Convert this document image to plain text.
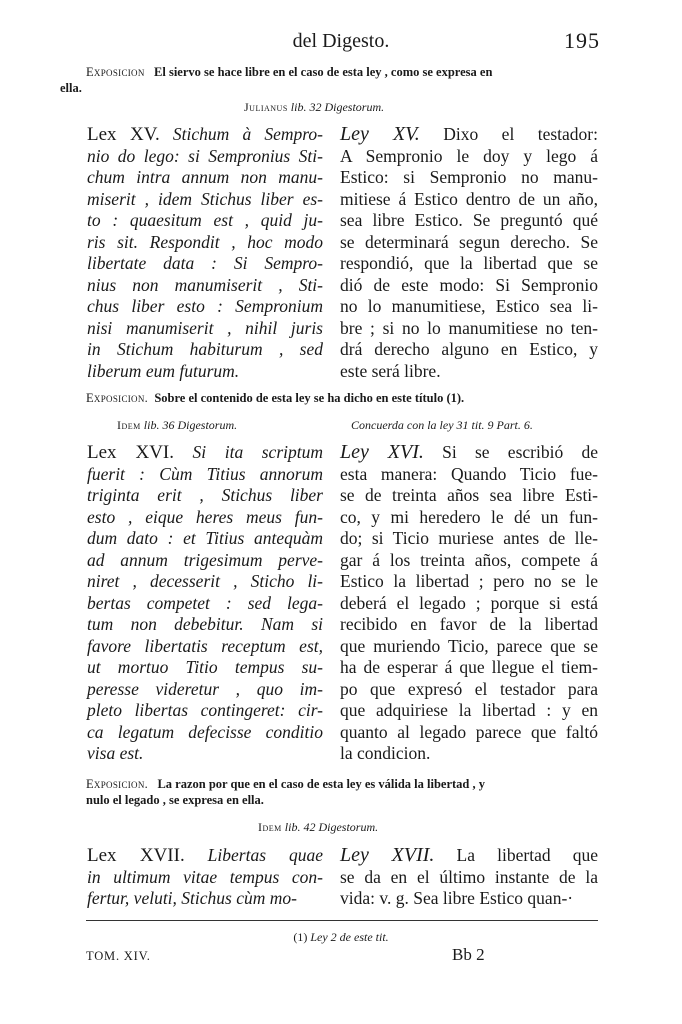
del Digesto.	195
Exposicion El siervo se hace libre en el caso de esta ley , como se expresa en
ella.
Julianus lib. 32 Digestorum.
Lex XV. Stichum à Sempro-
nio do lego: si Sempronius Sti-
chum intra annum non manu-
miserit , idem Stichus liber es-
to : quaesitum est , quid ju-
ris sit. Respondit , hoc modo
libertate data : Si Sempro-
nius non manumiserit , Sti-
chus liber esto : Sempronium
nisi manumiserit , nihil juris
in Stichum habiturum , sed
liberum eum futurum.
Ley XV. Dixo el testador:
A Sempronio le doy y lego á
Estico: si Sempronio no manu-
mitiese á Estico dentro de un año,
sea libre Estico. Se preguntó qué
se determinará segun derecho. Se
respondió, que la libertad que se
dió de este modo: Si Sempronio
no lo manumitiese, Estico sea li-
bre ; si no lo manumitiese no ten-
drá derecho alguno en Estico, y
este será libre.
Exposicion. Sobre el contenido de esta ley se ha dicho en este título (1).
Idem lib. 36 Digestorum.	Concuerda con la ley 31 tit. 9 Part. 6.
Lex XVI. Si ita scriptum
fuerit : Cùm Titius annorum
triginta erit , Stichus liber
esto , eique heres meus fun-
dum dato : et Titius antequàm
ad annum trigesimum perve-
niret , decesserit , Sticho li-
bertas competet : sed lega-
tum non debebitur. Nam si
favore libertatis receptum est,
ut mortuo Titio tempus su-
peresse videretur , quo im-
pleto libertas contingeret: cir-
ca legatum defecisse conditio
visa est.
Ley XVI. Si se escribió de
esta manera: Quando Ticio fue-
se de treinta años sea libre Esti-
co, y mi heredero le dé un fun-
do; si Ticio muriese antes de lle-
gar á los treinta años, compete á
Estico la libertad ; pero no se le
deberá el legado ; porque si está
recibido en favor de la libertad
que muriendo Ticio, parece que se
ha de esperar á que llegue el tiem-
po que expresó el testador para
que adquiriese la libertad : y en
quanto al legado parece que faltó
la condicion.
Exposicion. La razon por que en el caso de esta ley es válida la libertad , y
nulo el legado , se expresa en ella.
Idem lib. 42 Digestorum.
Lex XVII. Libertas quae
in ultimum vitae tempus con-
fertur, veluti, Stichus cùm mo-
Ley XVII. La libertad que
se da en el último instante de la
vida: v. g. Sea libre Estico quan-·
(1) Ley 2 de este tit.
TOM. XIV.	Bb 2
